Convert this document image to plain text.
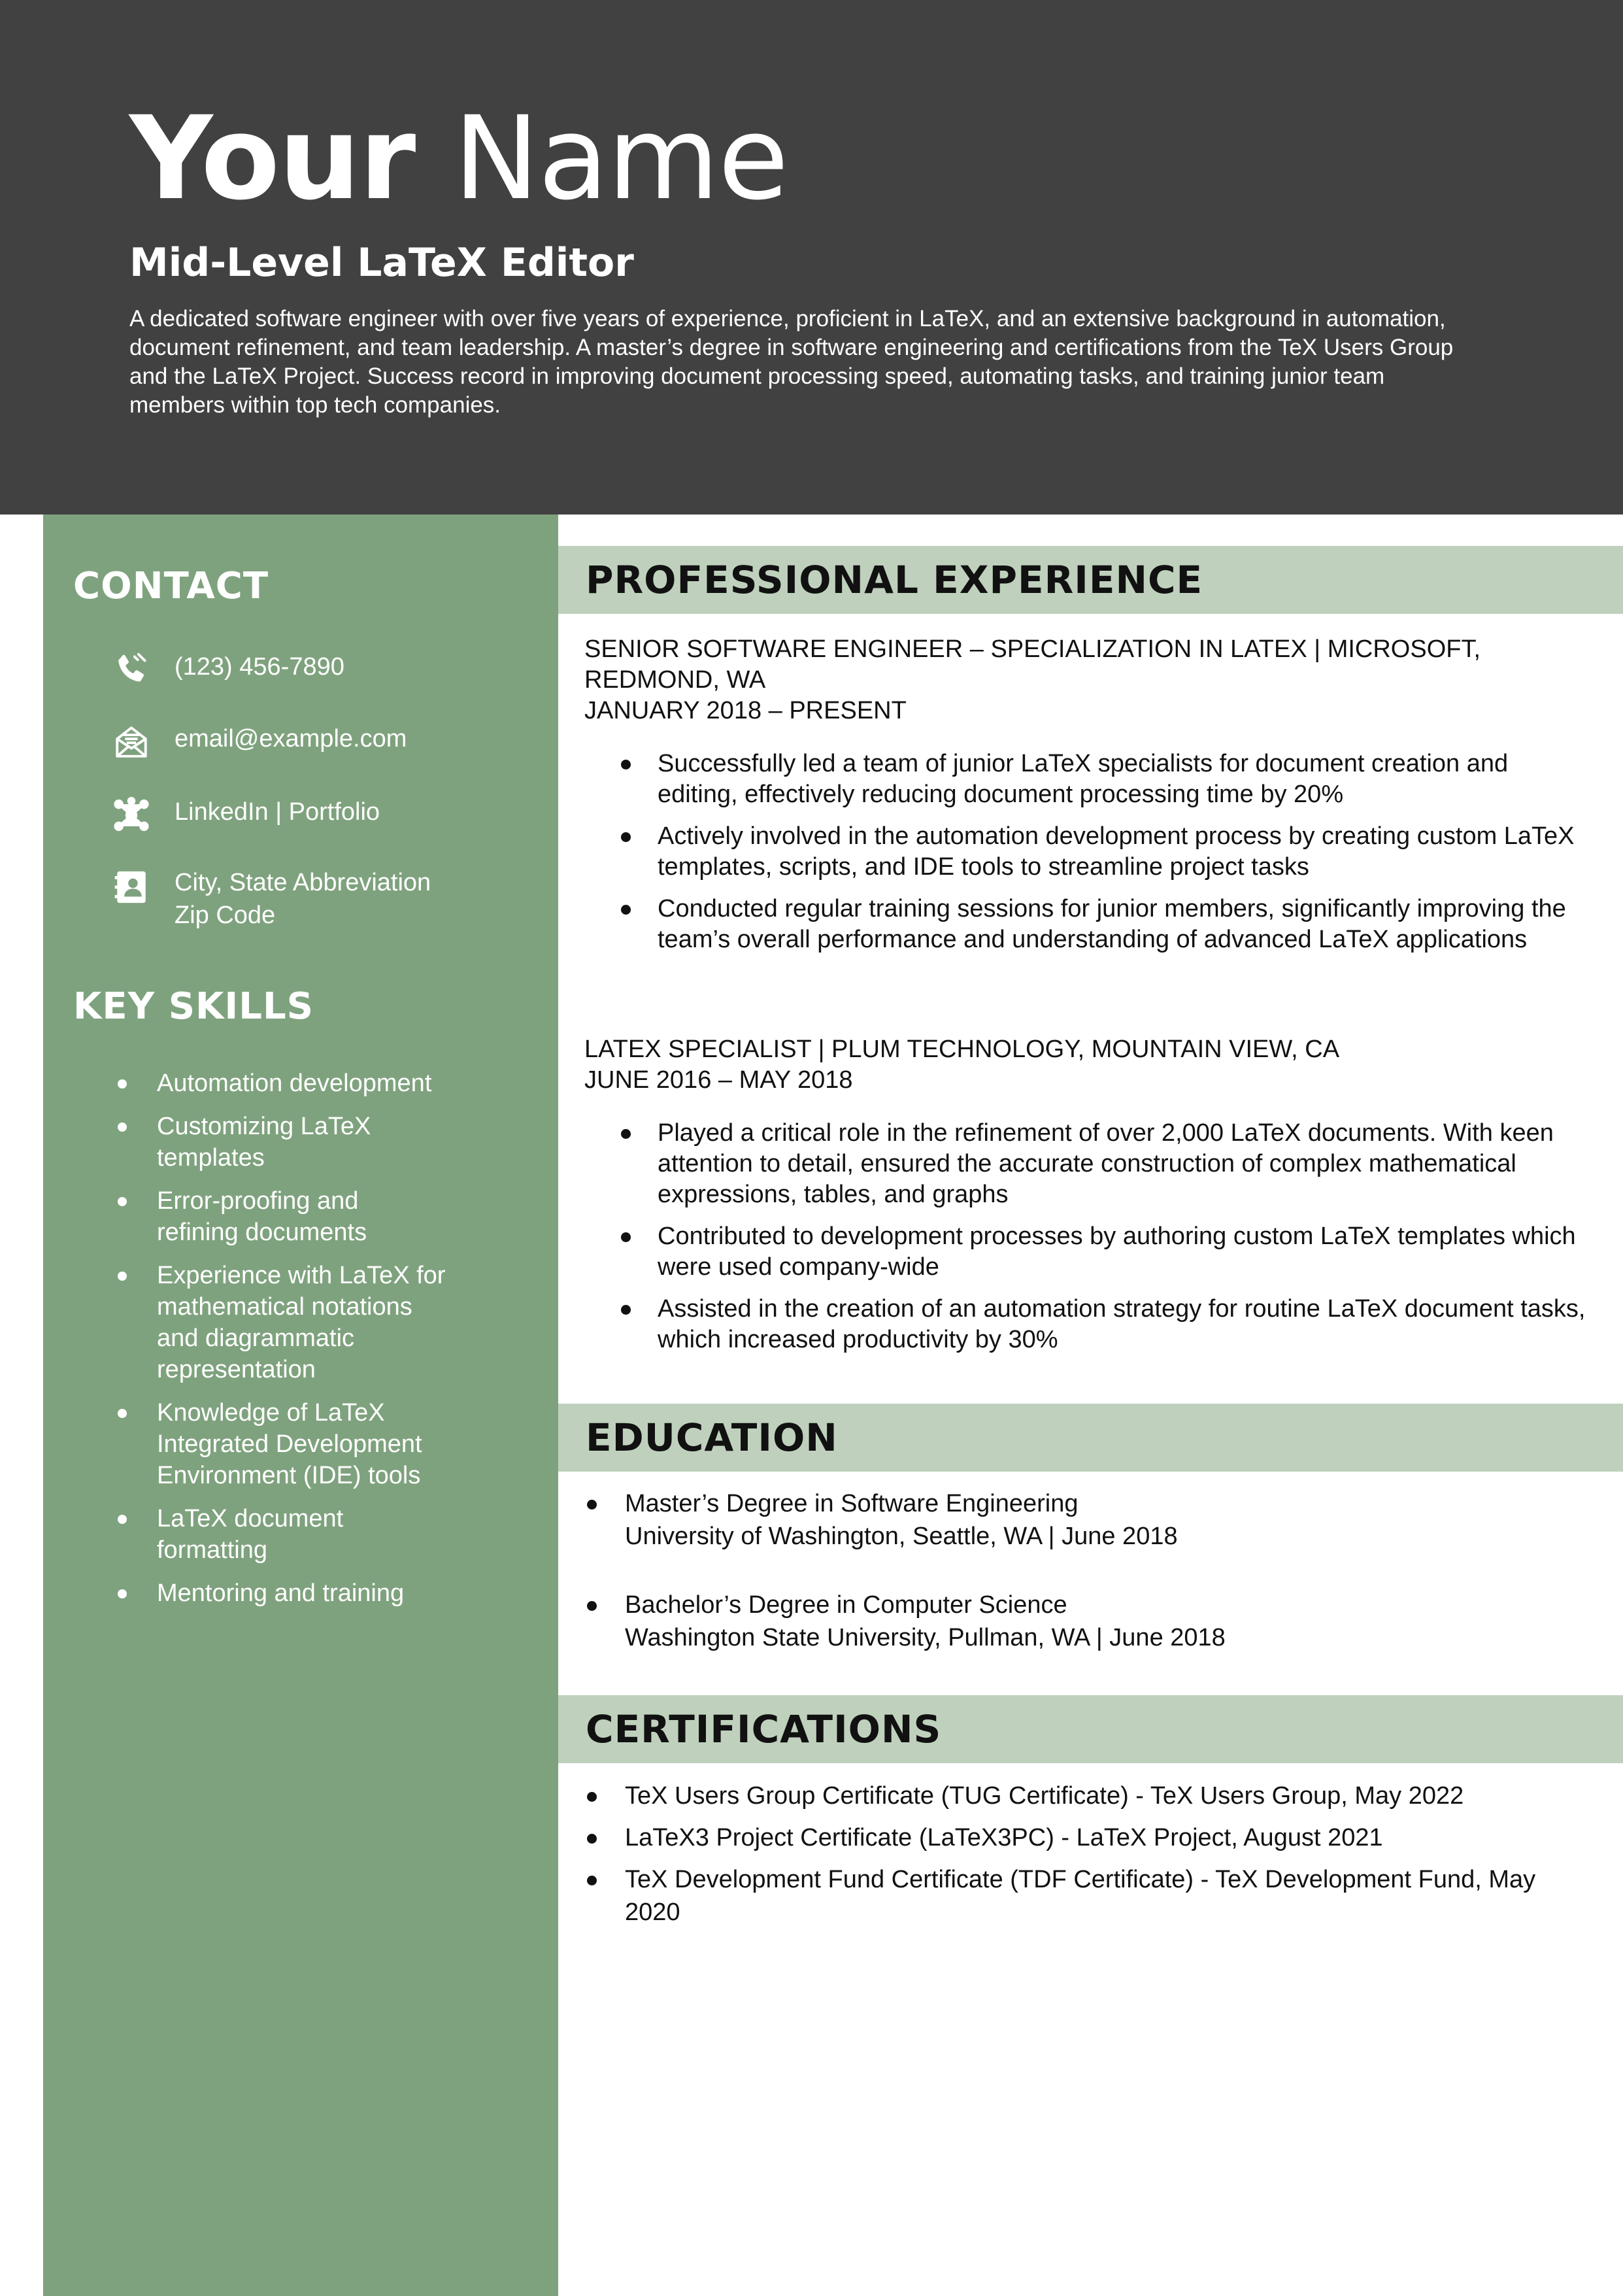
Your Name
Mid-Level LaTeX Editor

A dedicated software engineer with over five years of experience, proficient in LaTeX, and an extensive background in automation, document refinement, and team leadership. A master’s degree in software engineering and certifications from the TeX Users Group and the LaTeX Project. Success record in improving document processing speed, automating tasks, and training junior team members within top tech companies.

CONTACT
(123) 456-7890
email@example.com
LinkedIn | Portfolio
City, State Abbreviation
Zip Code
KEY SKILLS
Automation development
Customizing LaTeX templates
Error-proofing and refining documents
Experience with LaTeX for mathematical notations and diagrammatic representation
Knowledge of LaTeX Integrated Development Environment (IDE) tools
LaTeX document formatting
Mentoring and training
PROFESSIONAL EXPERIENCE

SENIOR SOFTWARE ENGINEER – SPECIALIZATION IN LATEX | MICROSOFT, REDMOND, WA

JANUARY 2018 – PRESENT

Successfully led a team of junior LaTeX specialists for document creation and editing, effectively reducing document processing time by 20%
Actively involved in the automation development process by creating custom LaTeX templates, scripts, and IDE tools to streamline project tasks
Conducted regular training sessions for junior members, significantly improving the team’s overall performance and understanding of advanced LaTeX applications

LATEX SPECIALIST | PLUM TECHNOLOGY, MOUNTAIN VIEW, CA

JUNE 2016 – MAY 2018

Played a critical role in the refinement of over 2,000 LaTeX documents. With keen attention to detail, ensured the accurate construction of complex mathematical expressions, tables, and graphs
Contributed to development processes by authoring custom LaTeX templates which were used company-wide
Assisted in the creation of an automation strategy for routine LaTeX document tasks, which increased productivity by 30%
EDUCATION
Master’s Degree in Software Engineering
University of Washington, Seattle, WA | June 2018
Bachelor’s Degree in Computer Science
Washington State University, Pullman, WA | June 2018
CERTIFICATIONS
TeX Users Group Certificate (TUG Certificate) - TeX Users Group, May 2022
LaTeX3 Project Certificate (LaTeX3PC) - LaTeX Project, August 2021
TeX Development Fund Certificate (TDF Certificate) - TeX Development Fund, May 2020
